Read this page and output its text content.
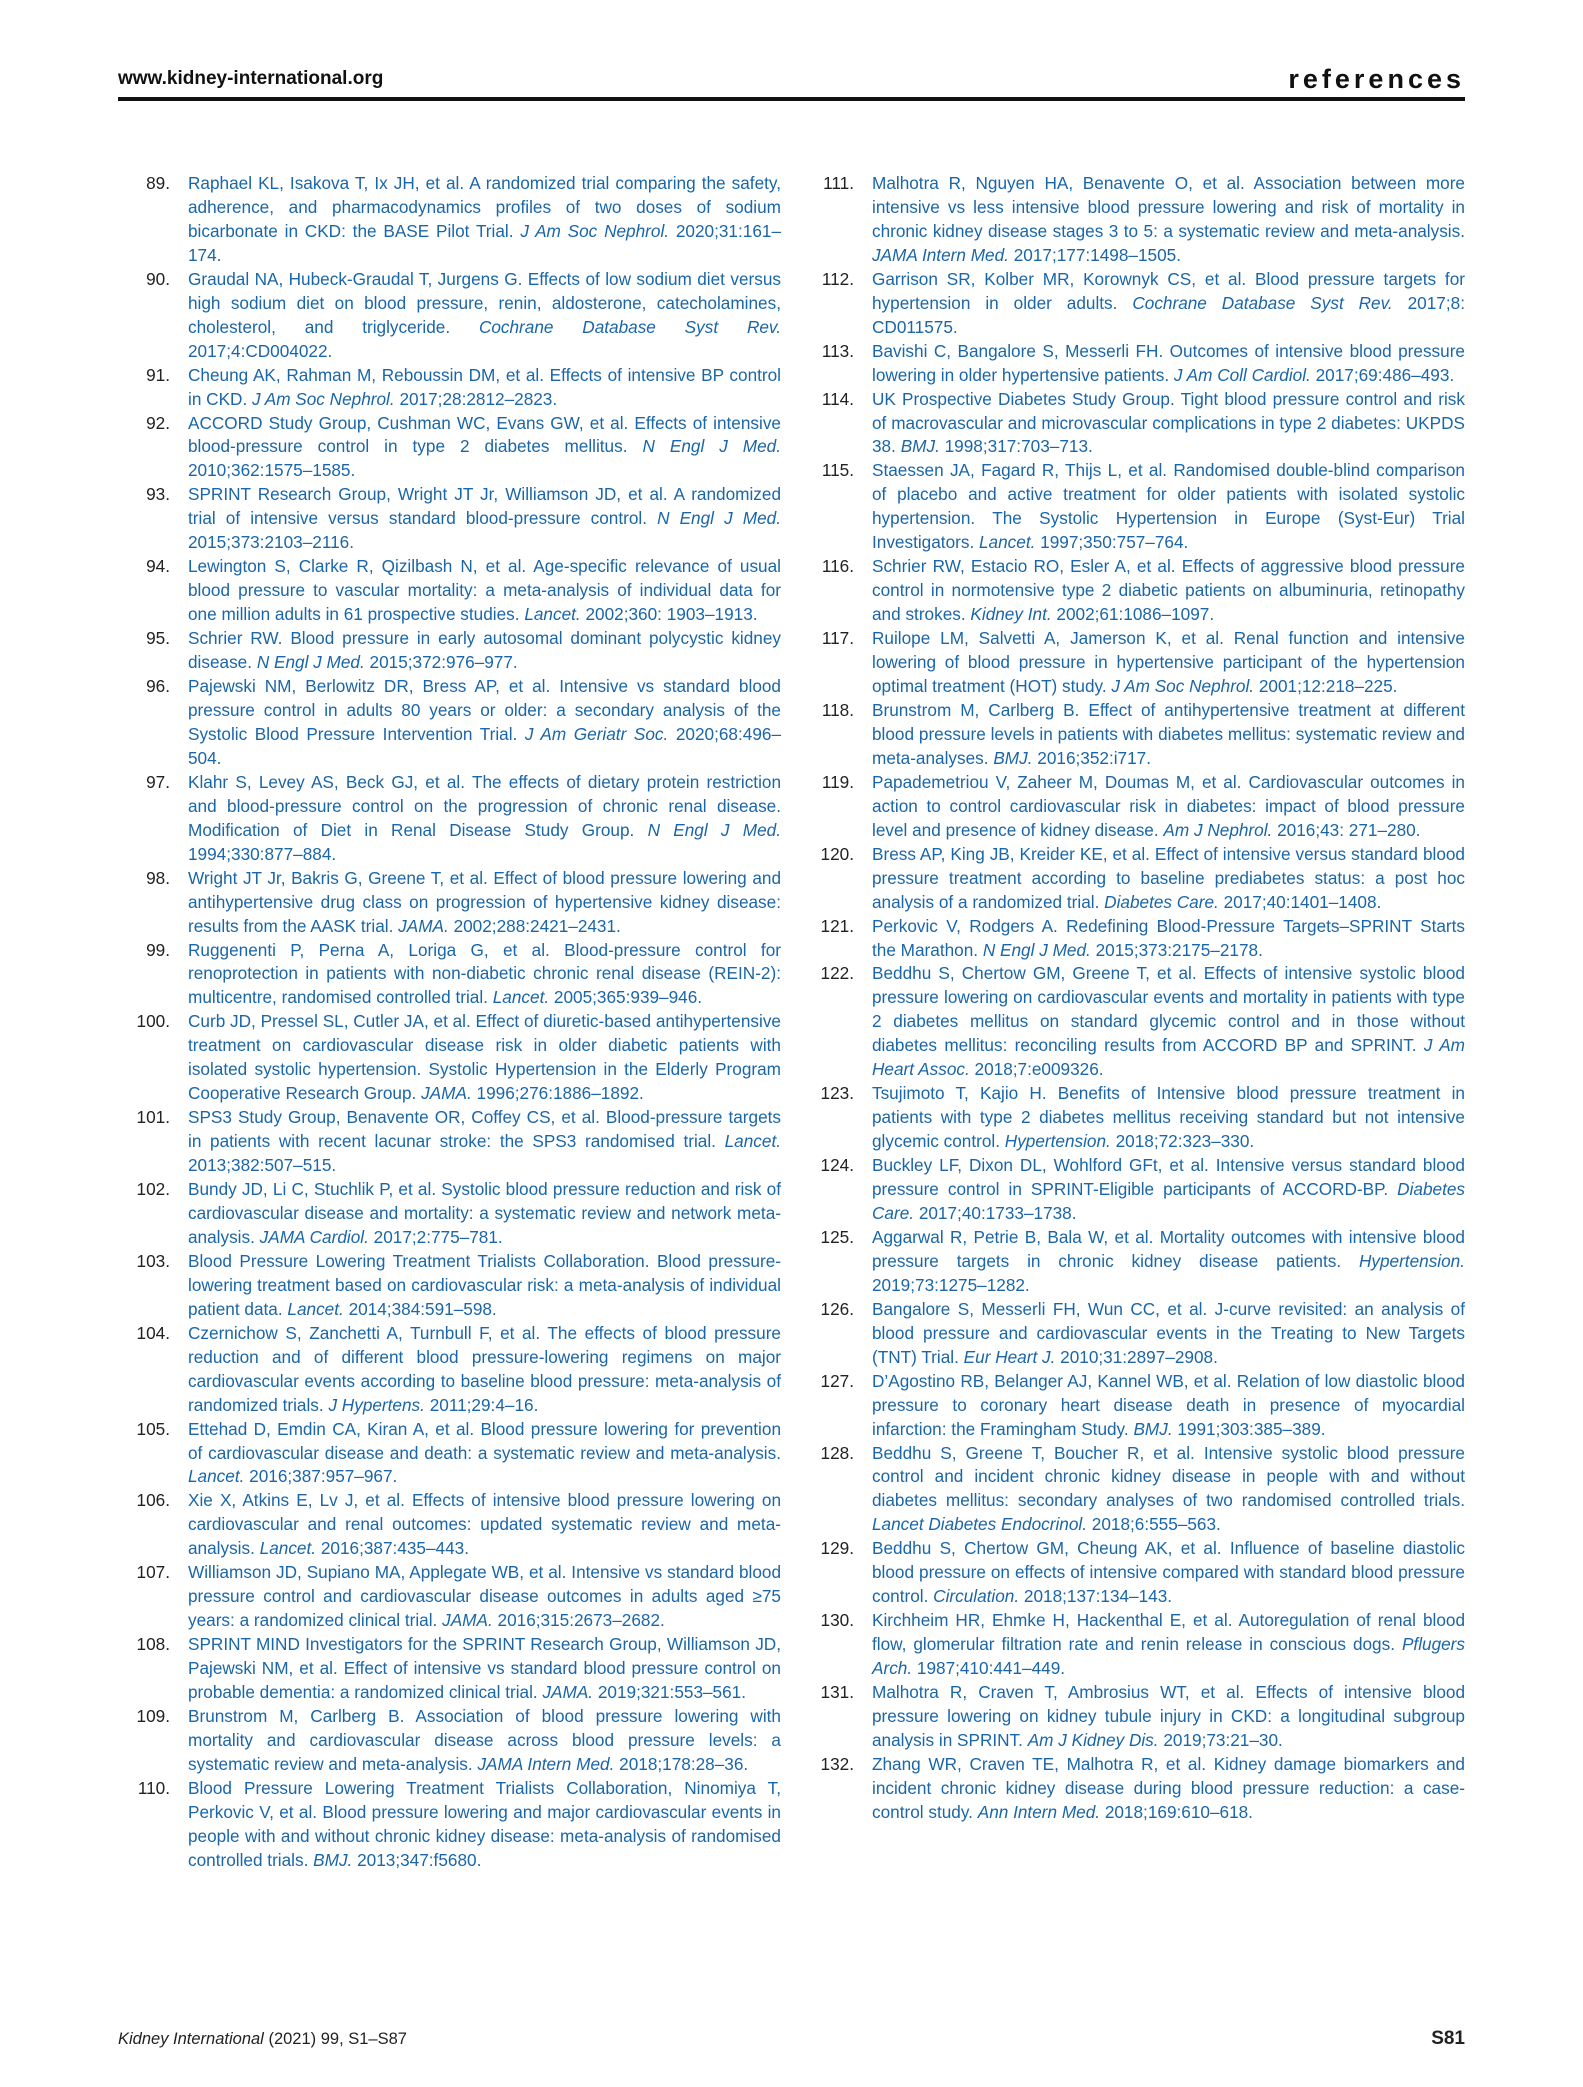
www.kidney-international.org	references
89.	Raphael KL, Isakova T, Ix JH, et al. A randomized trial comparing the safety, adherence, and pharmacodynamics profiles of two doses of sodium bicarbonate in CKD: the BASE Pilot Trial. J Am Soc Nephrol. 2020;31:161–174.
90.	Graudal NA, Hubeck-Graudal T, Jurgens G. Effects of low sodium diet versus high sodium diet on blood pressure, renin, aldosterone, catecholamines, cholesterol, and triglyceride. Cochrane Database Syst Rev. 2017;4:CD004022.
91.	Cheung AK, Rahman M, Reboussin DM, et al. Effects of intensive BP control in CKD. J Am Soc Nephrol. 2017;28:2812–2823.
92.	ACCORD Study Group, Cushman WC, Evans GW, et al. Effects of intensive blood-pressure control in type 2 diabetes mellitus. N Engl J Med. 2010;362:1575–1585.
93.	SPRINT Research Group, Wright JT Jr, Williamson JD, et al. A randomized trial of intensive versus standard blood-pressure control. N Engl J Med. 2015;373:2103–2116.
94.	Lewington S, Clarke R, Qizilbash N, et al. Age-specific relevance of usual blood pressure to vascular mortality: a meta-analysis of individual data for one million adults in 61 prospective studies. Lancet. 2002;360: 1903–1913.
95.	Schrier RW. Blood pressure in early autosomal dominant polycystic kidney disease. N Engl J Med. 2015;372:976–977.
96.	Pajewski NM, Berlowitz DR, Bress AP, et al. Intensive vs standard blood pressure control in adults 80 years or older: a secondary analysis of the Systolic Blood Pressure Intervention Trial. J Am Geriatr Soc. 2020;68:496–504.
97.	Klahr S, Levey AS, Beck GJ, et al. The effects of dietary protein restriction and blood-pressure control on the progression of chronic renal disease. Modification of Diet in Renal Disease Study Group. N Engl J Med. 1994;330:877–884.
98.	Wright JT Jr, Bakris G, Greene T, et al. Effect of blood pressure lowering and antihypertensive drug class on progression of hypertensive kidney disease: results from the AASK trial. JAMA. 2002;288:2421–2431.
99.	Ruggenenti P, Perna A, Loriga G, et al. Blood-pressure control for renoprotection in patients with non-diabetic chronic renal disease (REIN-2): multicentre, randomised controlled trial. Lancet. 2005;365:939–946.
100.	Curb JD, Pressel SL, Cutler JA, et al. Effect of diuretic-based antihypertensive treatment on cardiovascular disease risk in older diabetic patients with isolated systolic hypertension. Systolic Hypertension in the Elderly Program Cooperative Research Group. JAMA. 1996;276:1886–1892.
101.	SPS3 Study Group, Benavente OR, Coffey CS, et al. Blood-pressure targets in patients with recent lacunar stroke: the SPS3 randomised trial. Lancet. 2013;382:507–515.
102.	Bundy JD, Li C, Stuchlik P, et al. Systolic blood pressure reduction and risk of cardiovascular disease and mortality: a systematic review and network meta-analysis. JAMA Cardiol. 2017;2:775–781.
103.	Blood Pressure Lowering Treatment Trialists Collaboration. Blood pressure-lowering treatment based on cardiovascular risk: a meta-analysis of individual patient data. Lancet. 2014;384:591–598.
104.	Czernichow S, Zanchetti A, Turnbull F, et al. The effects of blood pressure reduction and of different blood pressure-lowering regimens on major cardiovascular events according to baseline blood pressure: meta-analysis of randomized trials. J Hypertens. 2011;29:4–16.
105.	Ettehad D, Emdin CA, Kiran A, et al. Blood pressure lowering for prevention of cardiovascular disease and death: a systematic review and meta-analysis. Lancet. 2016;387:957–967.
106.	Xie X, Atkins E, Lv J, et al. Effects of intensive blood pressure lowering on cardiovascular and renal outcomes: updated systematic review and meta-analysis. Lancet. 2016;387:435–443.
107.	Williamson JD, Supiano MA, Applegate WB, et al. Intensive vs standard blood pressure control and cardiovascular disease outcomes in adults aged ≥75 years: a randomized clinical trial. JAMA. 2016;315:2673–2682.
108.	SPRINT MIND Investigators for the SPRINT Research Group, Williamson JD, Pajewski NM, et al. Effect of intensive vs standard blood pressure control on probable dementia: a randomized clinical trial. JAMA. 2019;321:553–561.
109.	Brunstrom M, Carlberg B. Association of blood pressure lowering with mortality and cardiovascular disease across blood pressure levels: a systematic review and meta-analysis. JAMA Intern Med. 2018;178:28–36.
110.	Blood Pressure Lowering Treatment Trialists Collaboration, Ninomiya T, Perkovic V, et al. Blood pressure lowering and major cardiovascular events in people with and without chronic kidney disease: meta-analysis of randomised controlled trials. BMJ. 2013;347:f5680.
111.	Malhotra R, Nguyen HA, Benavente O, et al. Association between more intensive vs less intensive blood pressure lowering and risk of mortality in chronic kidney disease stages 3 to 5: a systematic review and meta-analysis. JAMA Intern Med. 2017;177:1498–1505.
112.	Garrison SR, Kolber MR, Korownyk CS, et al. Blood pressure targets for hypertension in older adults. Cochrane Database Syst Rev. 2017;8: CD011575.
113.	Bavishi C, Bangalore S, Messerli FH. Outcomes of intensive blood pressure lowering in older hypertensive patients. J Am Coll Cardiol. 2017;69:486–493.
114.	UK Prospective Diabetes Study Group. Tight blood pressure control and risk of macrovascular and microvascular complications in type 2 diabetes: UKPDS 38. BMJ. 1998;317:703–713.
115.	Staessen JA, Fagard R, Thijs L, et al. Randomised double-blind comparison of placebo and active treatment for older patients with isolated systolic hypertension. The Systolic Hypertension in Europe (Syst-Eur) Trial Investigators. Lancet. 1997;350:757–764.
116.	Schrier RW, Estacio RO, Esler A, et al. Effects of aggressive blood pressure control in normotensive type 2 diabetic patients on albuminuria, retinopathy and strokes. Kidney Int. 2002;61:1086–1097.
117.	Ruilope LM, Salvetti A, Jamerson K, et al. Renal function and intensive lowering of blood pressure in hypertensive participant of the hypertension optimal treatment (HOT) study. J Am Soc Nephrol. 2001;12:218–225.
118.	Brunstrom M, Carlberg B. Effect of antihypertensive treatment at different blood pressure levels in patients with diabetes mellitus: systematic review and meta-analyses. BMJ. 2016;352:i717.
119.	Papademetriou V, Zaheer M, Doumas M, et al. Cardiovascular outcomes in action to control cardiovascular risk in diabetes: impact of blood pressure level and presence of kidney disease. Am J Nephrol. 2016;43: 271–280.
120.	Bress AP, King JB, Kreider KE, et al. Effect of intensive versus standard blood pressure treatment according to baseline prediabetes status: a post hoc analysis of a randomized trial. Diabetes Care. 2017;40:1401–1408.
121.	Perkovic V, Rodgers A. Redefining Blood-Pressure Targets–SPRINT Starts the Marathon. N Engl J Med. 2015;373:2175–2178.
122.	Beddhu S, Chertow GM, Greene T, et al. Effects of intensive systolic blood pressure lowering on cardiovascular events and mortality in patients with type 2 diabetes mellitus on standard glycemic control and in those without diabetes mellitus: reconciling results from ACCORD BP and SPRINT. J Am Heart Assoc. 2018;7:e009326.
123.	Tsujimoto T, Kajio H. Benefits of Intensive blood pressure treatment in patients with type 2 diabetes mellitus receiving standard but not intensive glycemic control. Hypertension. 2018;72:323–330.
124.	Buckley LF, Dixon DL, Wohlford GFt, et al. Intensive versus standard blood pressure control in SPRINT-Eligible participants of ACCORD-BP. Diabetes Care. 2017;40:1733–1738.
125.	Aggarwal R, Petrie B, Bala W, et al. Mortality outcomes with intensive blood pressure targets in chronic kidney disease patients. Hypertension. 2019;73:1275–1282.
126.	Bangalore S, Messerli FH, Wun CC, et al. J-curve revisited: an analysis of blood pressure and cardiovascular events in the Treating to New Targets (TNT) Trial. Eur Heart J. 2010;31:2897–2908.
127.	D’Agostino RB, Belanger AJ, Kannel WB, et al. Relation of low diastolic blood pressure to coronary heart disease death in presence of myocardial infarction: the Framingham Study. BMJ. 1991;303:385–389.
128.	Beddhu S, Greene T, Boucher R, et al. Intensive systolic blood pressure control and incident chronic kidney disease in people with and without diabetes mellitus: secondary analyses of two randomised controlled trials. Lancet Diabetes Endocrinol. 2018;6:555–563.
129.	Beddhu S, Chertow GM, Cheung AK, et al. Influence of baseline diastolic blood pressure on effects of intensive compared with standard blood pressure control. Circulation. 2018;137:134–143.
130.	Kirchheim HR, Ehmke H, Hackenthal E, et al. Autoregulation of renal blood flow, glomerular filtration rate and renin release in conscious dogs. Pflugers Arch. 1987;410:441–449.
131.	Malhotra R, Craven T, Ambrosius WT, et al. Effects of intensive blood pressure lowering on kidney tubule injury in CKD: a longitudinal subgroup analysis in SPRINT. Am J Kidney Dis. 2019;73:21–30.
132.	Zhang WR, Craven TE, Malhotra R, et al. Kidney damage biomarkers and incident chronic kidney disease during blood pressure reduction: a case-control study. Ann Intern Med. 2018;169:610–618.
Kidney International (2021) 99, S1–S87	S81
